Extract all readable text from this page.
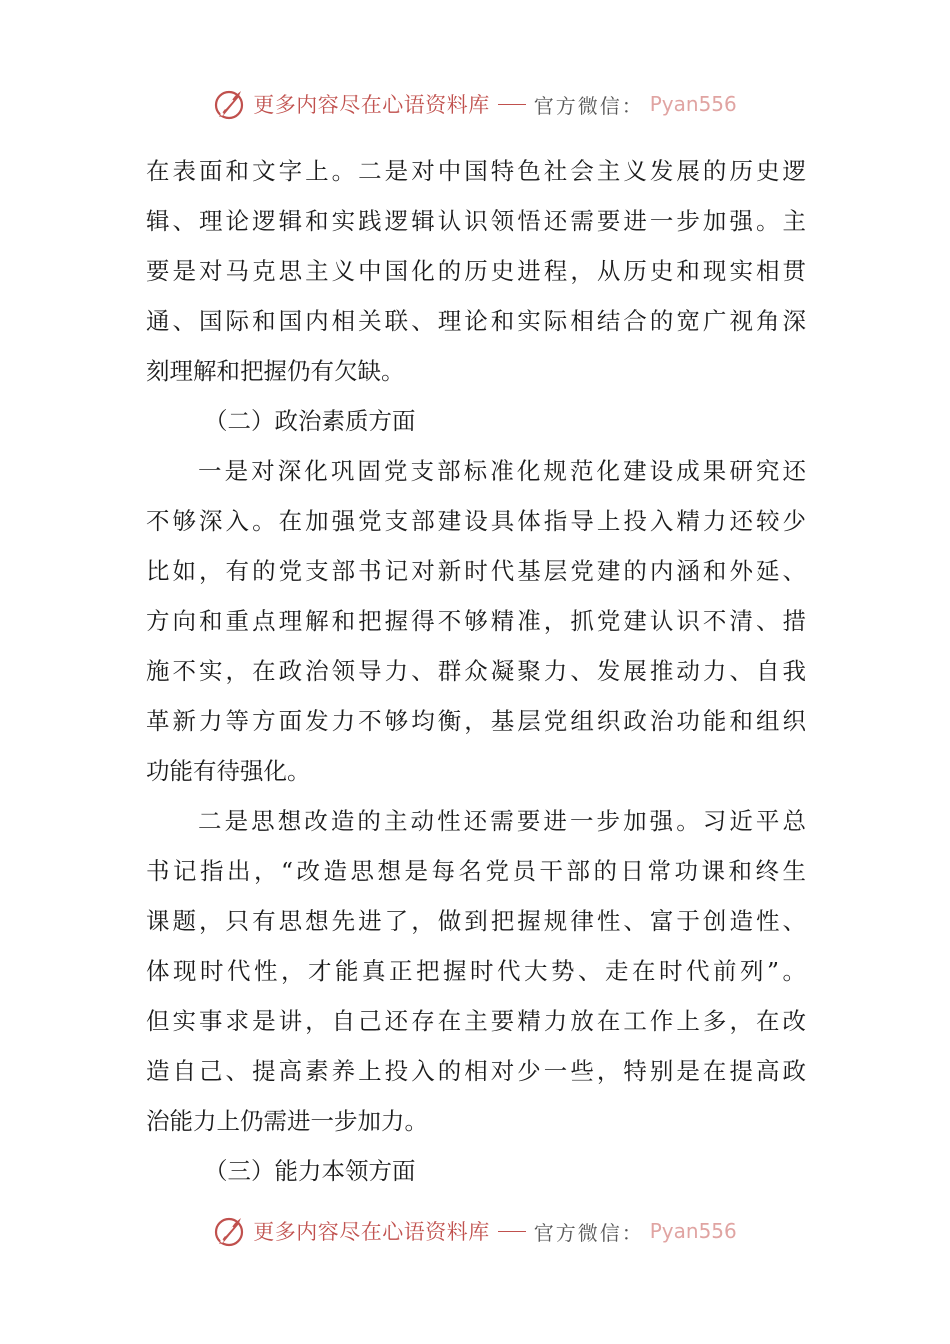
更多内容尽在心语资料库 官方微信： Pyan556
在表面和文字上。二是对中国特色社会主义发展的历史逻
辑、理论逻辑和实践逻辑认识领悟还需要进一步加强。主
要是对马克思主义中国化的历史进程，从历史和现实相贯
通、国际和国内相关联、理论和实际相结合的宽广视角深
刻理解和把握仍有欠缺。
（二）政治素质方面
一是对深化巩固党支部标准化规范化建设成果研究还
不够深入。在加强党支部建设具体指导上投入精力还较少
比如，有的党支部书记对新时代基层党建的内涵和外延、
方向和重点理解和把握得不够精准，抓党建认识不清、措
施不实，在政治领导力、群众凝聚力、发展推动力、自我
革新力等方面发力不够均衡，基层党组织政治功能和组织
功能有待强化。
二是思想改造的主动性还需要进一步加强。习近平总
书记指出，“改造思想是每名党员干部的日常功课和终生
课题，只有思想先进了，做到把握规律性、富于创造性、
体现时代性，才能真正把握时代大势、走在时代前列”。
但实事求是讲，自己还存在主要精力放在工作上多，在改
造自己、提高素养上投入的相对少一些，特别是在提高政
治能力上仍需进一步加力。
（三）能力本领方面
更多内容尽在心语资料库 官方微信： Pyan556
